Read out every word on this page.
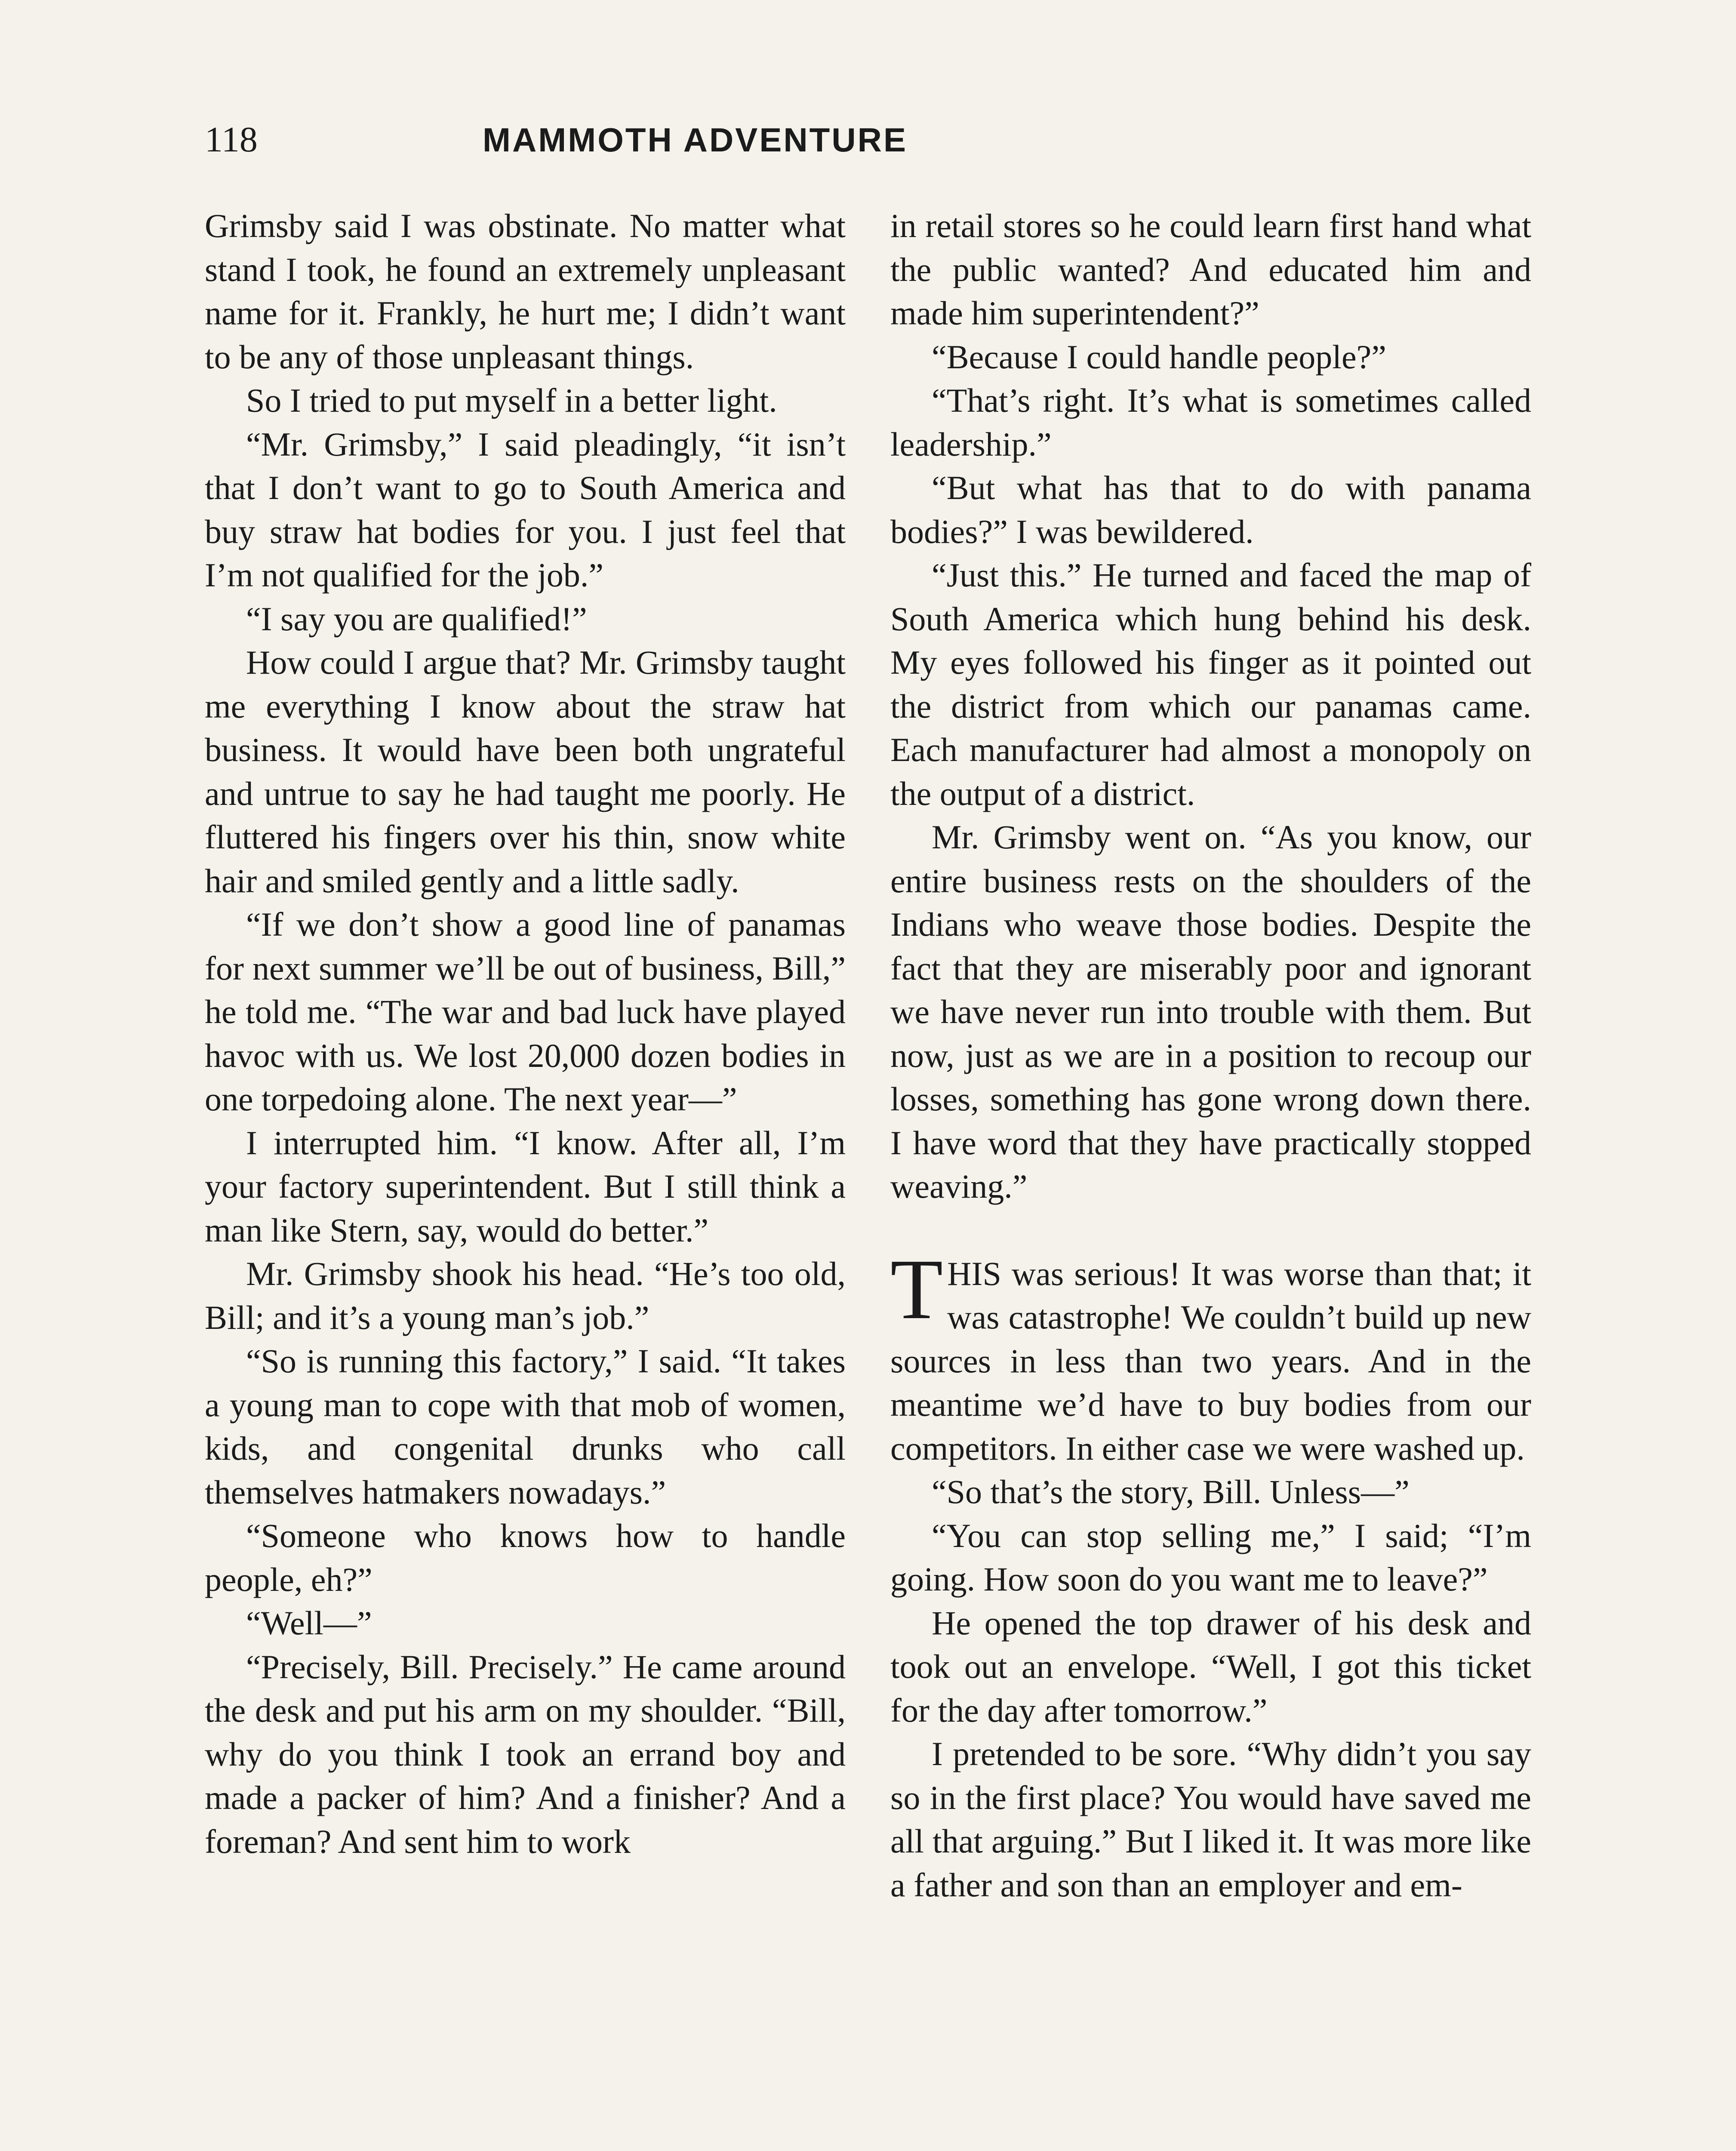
118	MAMMOTH ADVENTURE

Grimsby said I was obstinate. No matter what stand I took, he found an extremely unpleasant name for it. Frankly, he hurt me; I didn’t want to be any of those unpleasant things.

So I tried to put myself in a better light.

“Mr. Grimsby,” I said pleadingly, “it isn’t that I don’t want to go to South America and buy straw hat bodies for you. I just feel that I’m not qualified for the job.”

“I say you are qualified!”

How could I argue that? Mr. Grimsby taught me everything I know about the straw hat business. It would have been both ungrateful and untrue to say he had taught me poorly. He fluttered his fingers over his thin, snow white hair and smiled gently and a little sadly.

“If we don’t show a good line of panamas for next summer we’ll be out of business, Bill,” he told me. “The war and bad luck have played havoc with us. We lost 20,000 dozen bodies in one torpedoing alone. The next year—”

I interrupted him. “I know. After all, I’m your factory superintendent. But I still think a man like Stern, say, would do better.”

Mr. Grimsby shook his head. “He’s too old, Bill; and it’s a young man’s job.”

“So is running this factory,” I said. “It takes a young man to cope with that mob of women, kids, and congenital drunks who call themselves hatmakers nowadays.”

“Someone who knows how to handle people, eh?”

“Well—”

“Precisely, Bill. Precisely.” He came around the desk and put his arm on my shoulder. “Bill, why do you think I took an errand boy and made a packer of him? And a finisher? And a foreman? And sent him to work

in retail stores so he could learn first hand what the public wanted? And educated him and made him superintendent?”

“Because I could handle people?”

“That’s right. It’s what is sometimes called leadership.”

“But what has that to do with panama bodies?” I was bewildered.

“Just this.” He turned and faced the map of South America which hung behind his desk. My eyes followed his finger as it pointed out the district from which our panamas came. Each manufacturer had almost a monopoly on the output of a district.

Mr. Grimsby went on. “As you know, our entire business rests on the shoulders of the Indians who weave those bodies. Despite the fact that they are miserably poor and ignorant we have never run into trouble with them. But now, just as we are in a position to recoup our losses, something has gone wrong down there. I have word that they have practically stopped weaving.”

THIS was serious! It was worse than that; it was catastrophe! We couldn’t build up new sources in less than two years. And in the meantime we’d have to buy bodies from our competitors. In either case we were washed up.

“So that’s the story, Bill. Unless—”

“You can stop selling me,” I said; “I’m going. How soon do you want me to leave?”

He opened the top drawer of his desk and took out an envelope. “Well, I got this ticket for the day after tomorrow.”

I pretended to be sore. “Why didn’t you say so in the first place? You would have saved me all that arguing.” But I liked it. It was more like a father and son than an employer and em-
